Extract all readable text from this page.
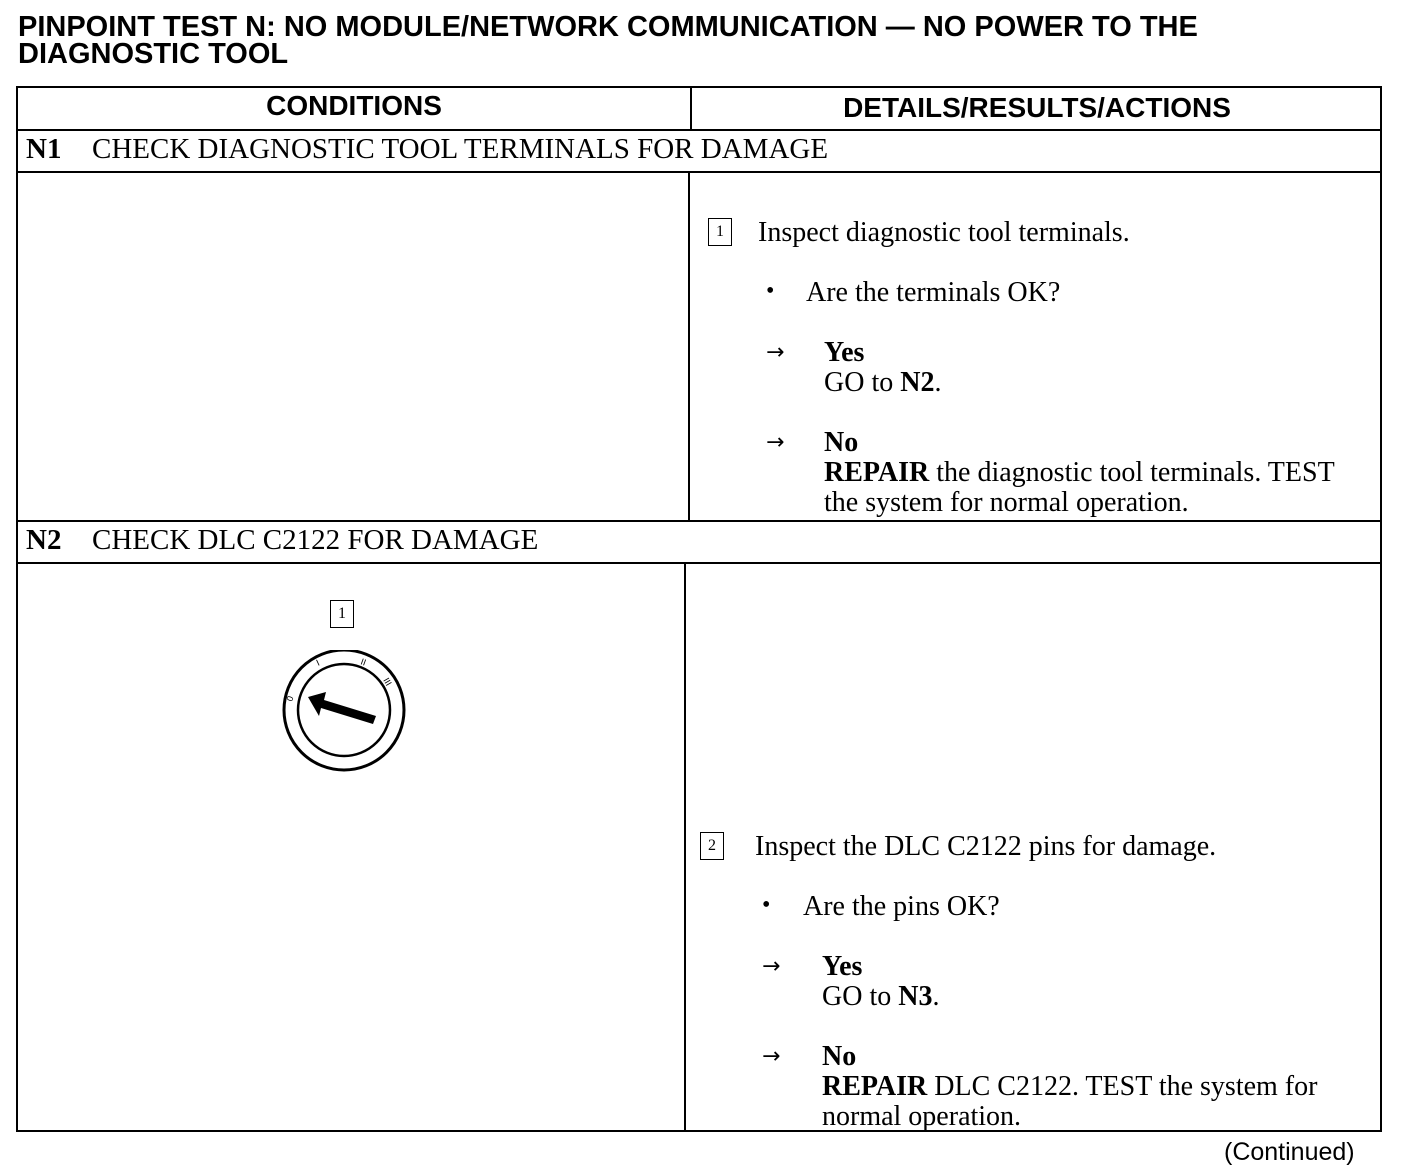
PINPOINT TEST N: NO MODULE/NETWORK COMMUNICATION — NO POWER TO THE DIAGNOSTIC TOOL
CONDITIONS	DETAILS/RESULTS/ACTIONS
N1 CHECK DIAGNOSTIC TOOL TERMINALS FOR DAMAGE
1 Inspect diagnostic tool terminals.
• Are the terminals OK?
→ Yes
GO to N2.
→ No
REPAIR the diagnostic tool terminals. TEST
the system for normal operation.
N2 CHECK DLC C2122 FOR DAMAGE
1
0
I	II
III
2 Inspect the DLC C2122 pins for damage.
• Are the pins OK?
→ Yes
GO to N3.
→ No
REPAIR DLC C2122. TEST the system for
normal operation.
(Continued)
